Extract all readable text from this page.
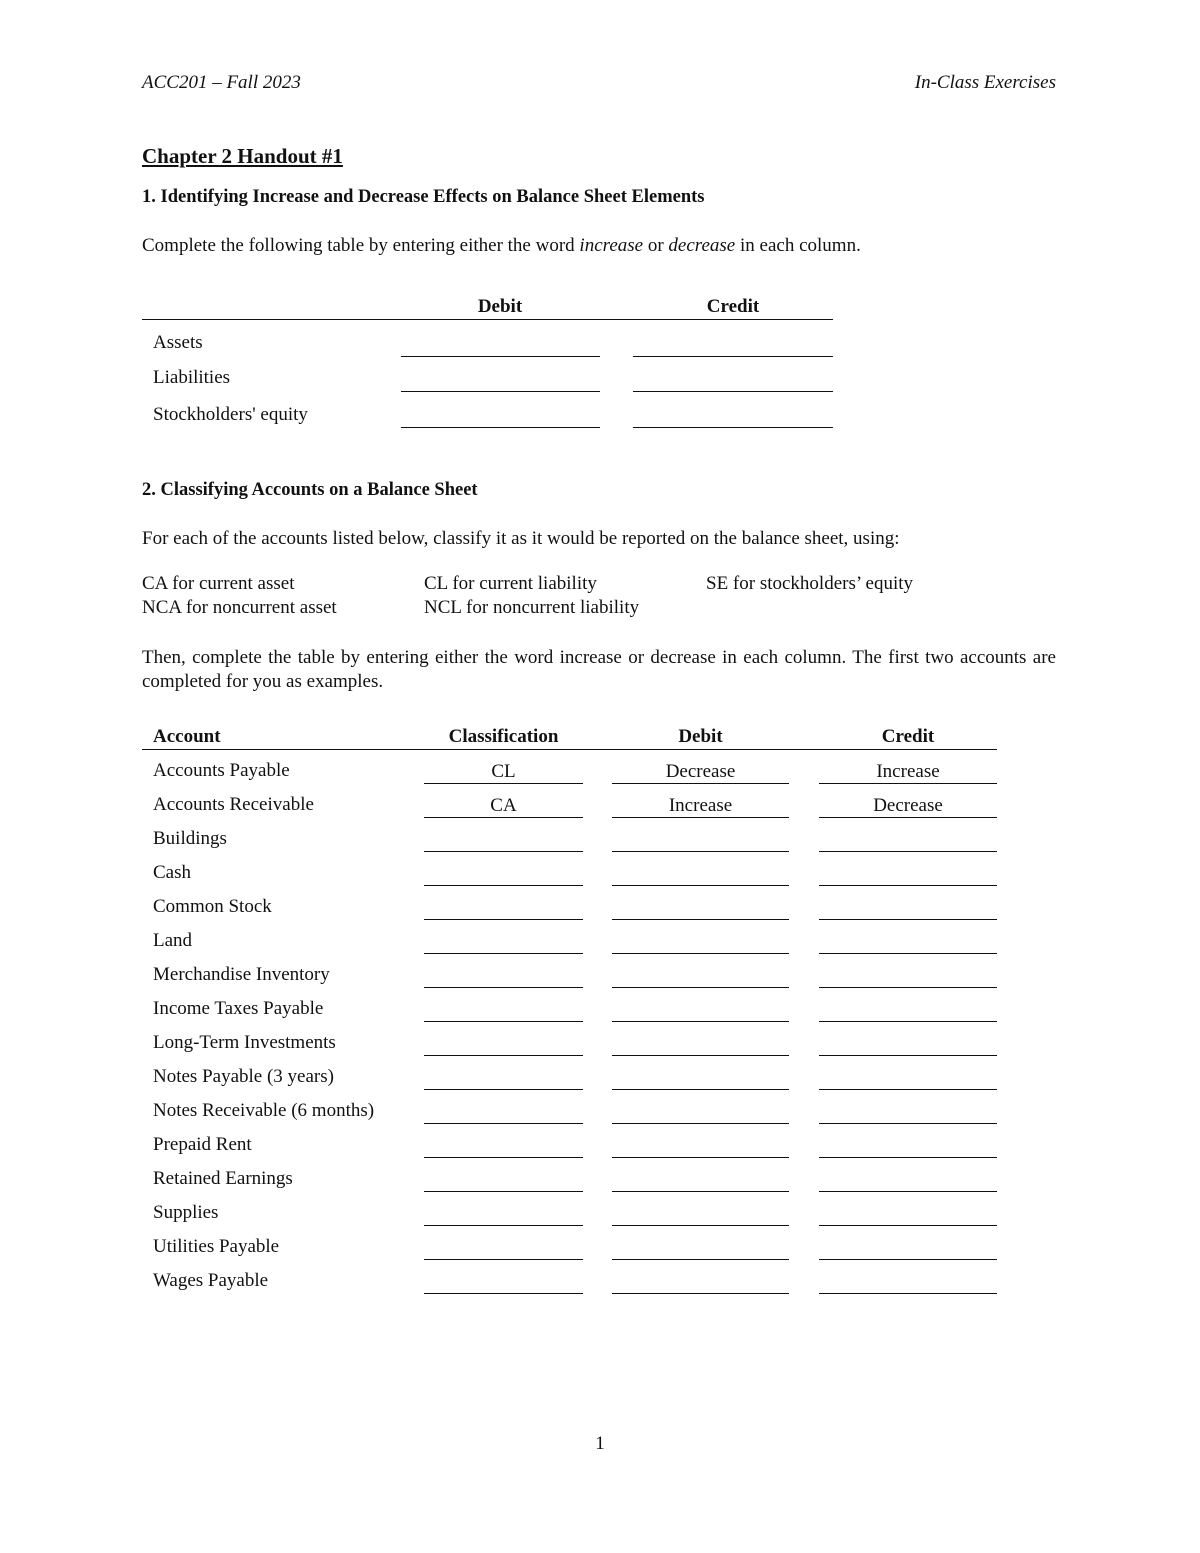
ACC201 – Fall 2023	In-Class Exercises
Chapter 2 Handout #1
1. Identifying Increase and Decrease Effects on Balance Sheet Elements
Complete the following table by entering either the word increase or decrease in each column.
Debit	Credit
Assets
Liabilities
Stockholders' equity
2. Classifying Accounts on a Balance Sheet
For each of the accounts listed below, classify it as it would be reported on the balance sheet, using:
CA for current asset	CL for current liability	SE for stockholders’ equity
NCA for noncurrent asset	NCL for noncurrent liability
Then, complete the table by entering either the word increase or decrease in each column. The first two accounts are completed for you as examples.
Account	Classification	Debit	Credit
Accounts Payable	CL	Decrease	Increase
Accounts Receivable	CA	Increase	Decrease
Buildings
Cash
Common Stock
Land
Merchandise Inventory
Income Taxes Payable
Long-Term Investments
Notes Payable (3 years)
Notes Receivable (6 months)
Prepaid Rent
Retained Earnings
Supplies
Utilities Payable
Wages Payable
1
